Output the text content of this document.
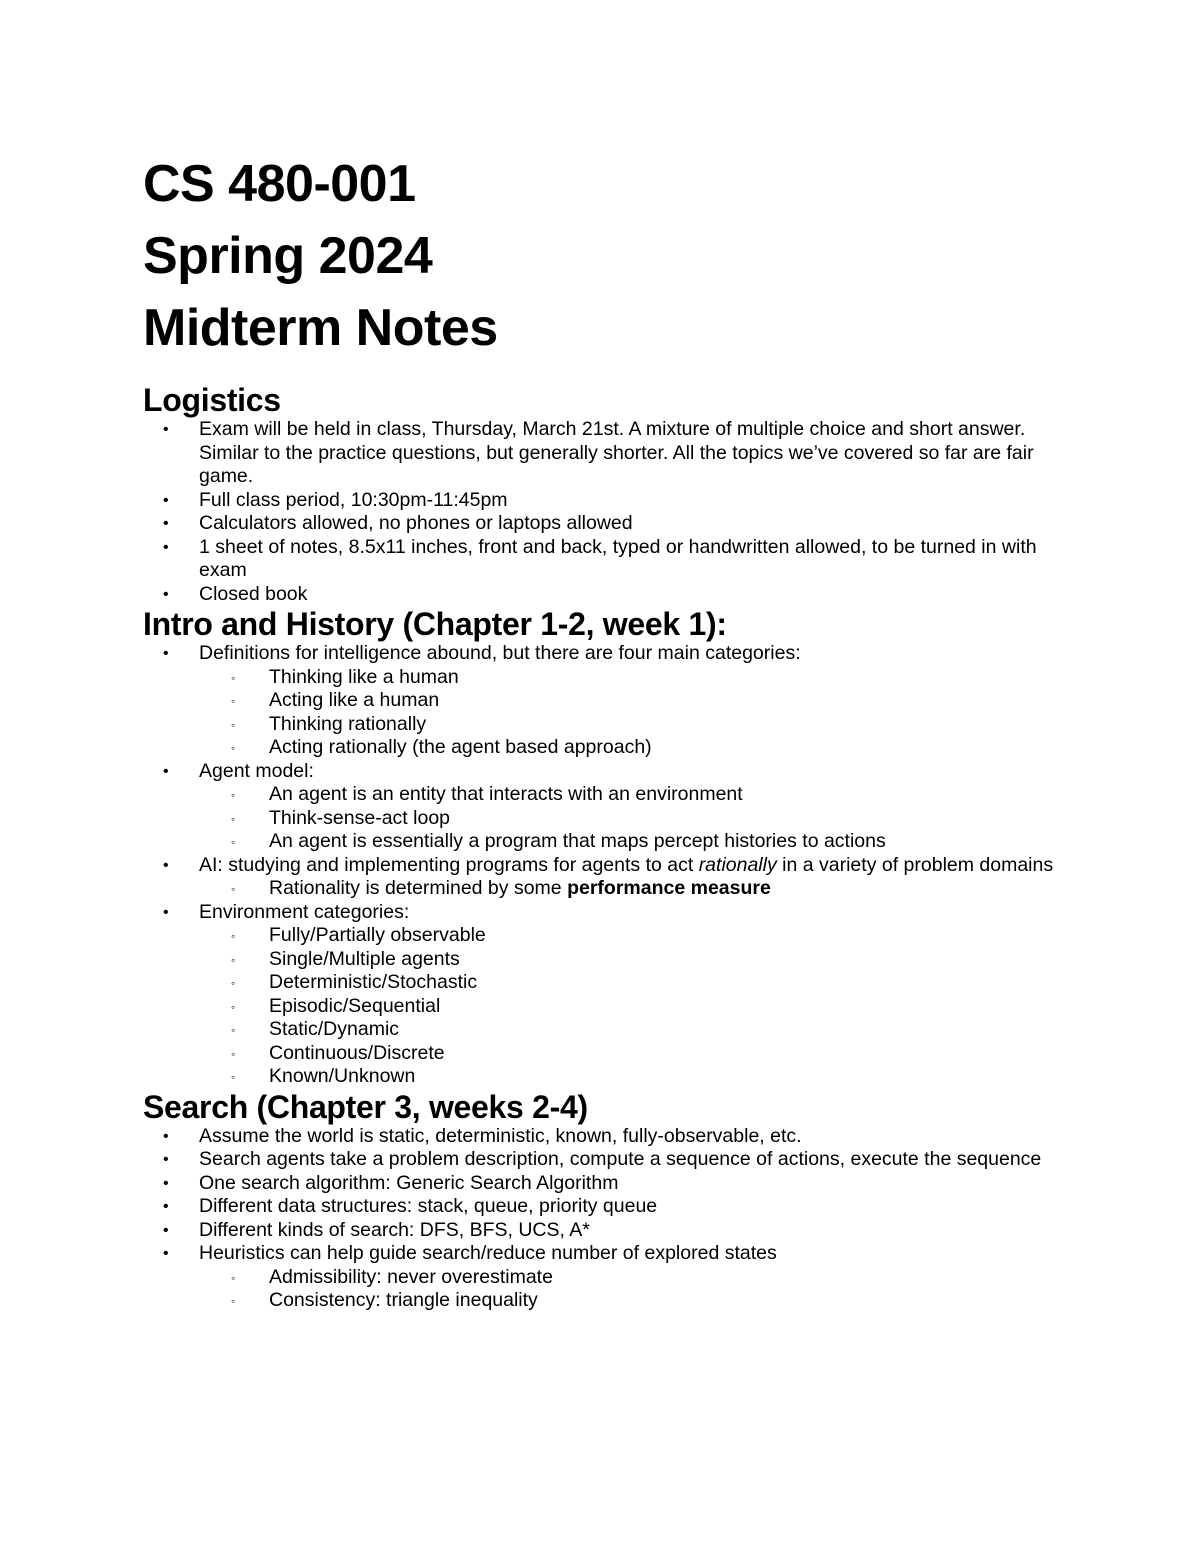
CS 480-001
Spring 2024
Midterm Notes
Logistics
• Exam will be held in class, Thursday, March 21st. A mixture of multiple choice and short answer. Similar to the practice questions, but generally shorter. All the topics we’ve covered so far are fair game.
• Full class period, 10:30pm-11:45pm
• Calculators allowed, no phones or laptops allowed
• 1 sheet of notes, 8.5x11 inches, front and back, typed or handwritten allowed, to be turned in with exam
• Closed book
Intro and History (Chapter 1-2, week 1):
• Definitions for intelligence abound, but there are four main categories:
◦ Thinking like a human
◦ Acting like a human
◦ Thinking rationally
◦ Acting rationally (the agent based approach)
• Agent model:
◦ An agent is an entity that interacts with an environment
◦ Think-sense-act loop
◦ An agent is essentially a program that maps percept histories to actions
• AI: studying and implementing programs for agents to act rationally in a variety of problem domains
◦ Rationality is determined by some performance measure
• Environment categories:
◦ Fully/Partially observable
◦ Single/Multiple agents
◦ Deterministic/Stochastic
◦ Episodic/Sequential
◦ Static/Dynamic
◦ Continuous/Discrete
◦ Known/Unknown
Search (Chapter 3, weeks 2-4)
• Assume the world is static, deterministic, known, fully-observable, etc.
• Search agents take a problem description, compute a sequence of actions, execute the sequence
• One search algorithm: Generic Search Algorithm
• Different data structures: stack, queue, priority queue
• Different kinds of search: DFS, BFS, UCS, A*
• Heuristics can help guide search/reduce number of explored states
◦ Admissibility: never overestimate
◦ Consistency: triangle inequality
